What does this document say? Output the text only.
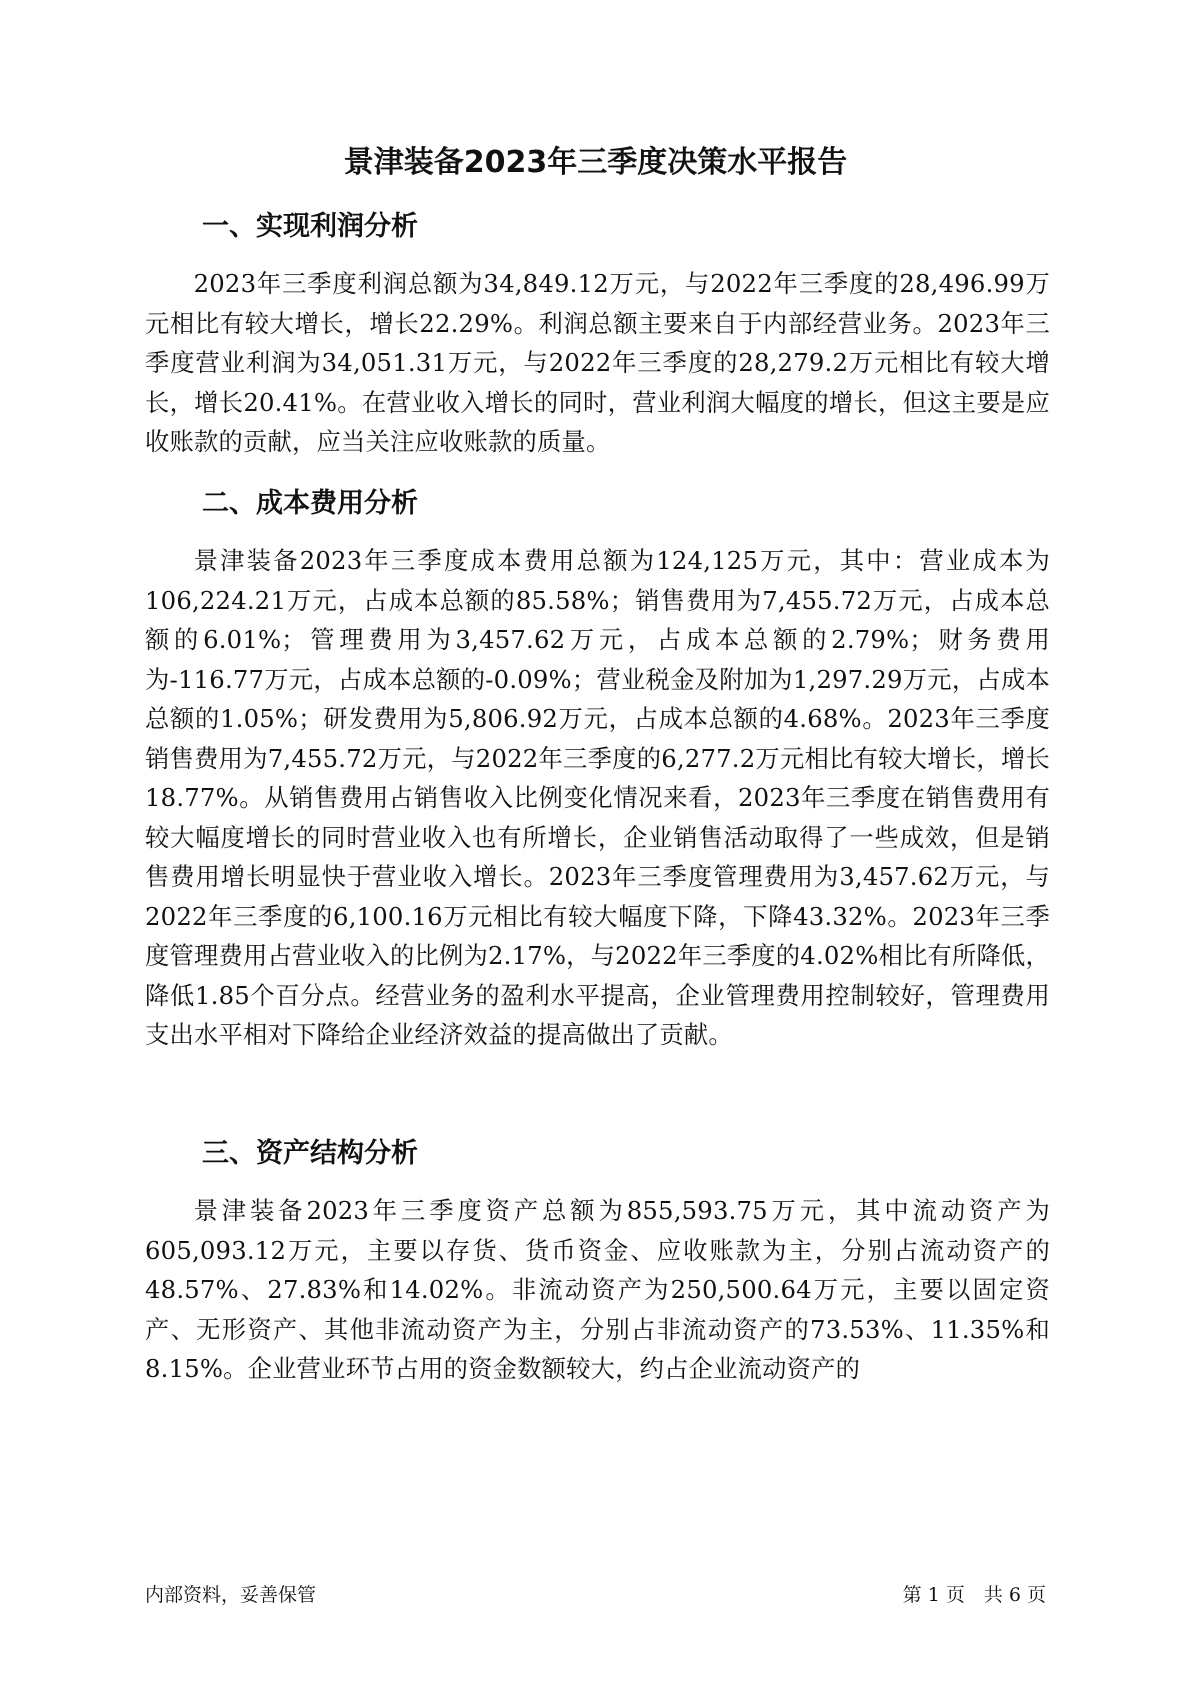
景津装备2023年三季度决策水平报告
一、实现利润分析

2023年三季度利润总额为34,849.12万元，与2022年三季度的28,496.99万元相比有较大增长，增长22.29%。利润总额主要来自于内部经营业务。2023年三季度营业利润为34,051.31万元，与2022年三季度的28,279.2万元相比有较大增长，增长20.41%。在营业收入增长的同时，营业利润大幅度的增长，但这主要是应收账款的贡献，应当关注应收账款的质量。

二、成本费用分析

景津装备2023年三季度成本费用总额为124,125万元，其中：营业成本为106,224.21万元，占成本总额的85.58%；销售费用为7,455.72万元，占成本总额的6.01%；管理费用为3,457.62万元，占成本总额的2.79%；财务费用为-116.77万元，占成本总额的-0.09%；营业税金及附加为1,297.29万元，占成本总额的1.05%；研发费用为5,806.92万元，占成本总额的4.68%。2023年三季度销售费用为7,455.72万元，与2022年三季度的6,277.2万元相比有较大增长，增长18.77%。从销售费用占销售收入比例变化情况来看，2023年三季度在销售费用有较大幅度增长的同时营业收入也有所增长，企业销售活动取得了一些成效，但是销售费用增长明显快于营业收入增长。2023年三季度管理费用为3,457.62万元，与2022年三季度的6,100.16万元相比有较大幅度下降，下降43.32%。2023年三季度管理费用占营业收入的比例为2.17%，与2022年三季度的4.02%相比有所降低，降低1.85个百分点。经营业务的盈利水平提高，企业管理费用控制较好，管理费用支出水平相对下降给企业经济效益的提高做出了贡献。

三、资产结构分析

景津装备2023年三季度资产总额为855,593.75万元，其中流动资产为605,093.12万元，主要以存货、货币资金、应收账款为主，分别占流动资产的48.57%、27.83%和14.02%。非流动资产为250,500.64万元，主要以固定资产、无形资产、其他非流动资产为主，分别占非流动资产的73.53%、11.35%和8.15%。企业营业环节占用的资金数额较大，约占企业流动资产的

内部资料，妥善保管	第 1 页　共 6 页
